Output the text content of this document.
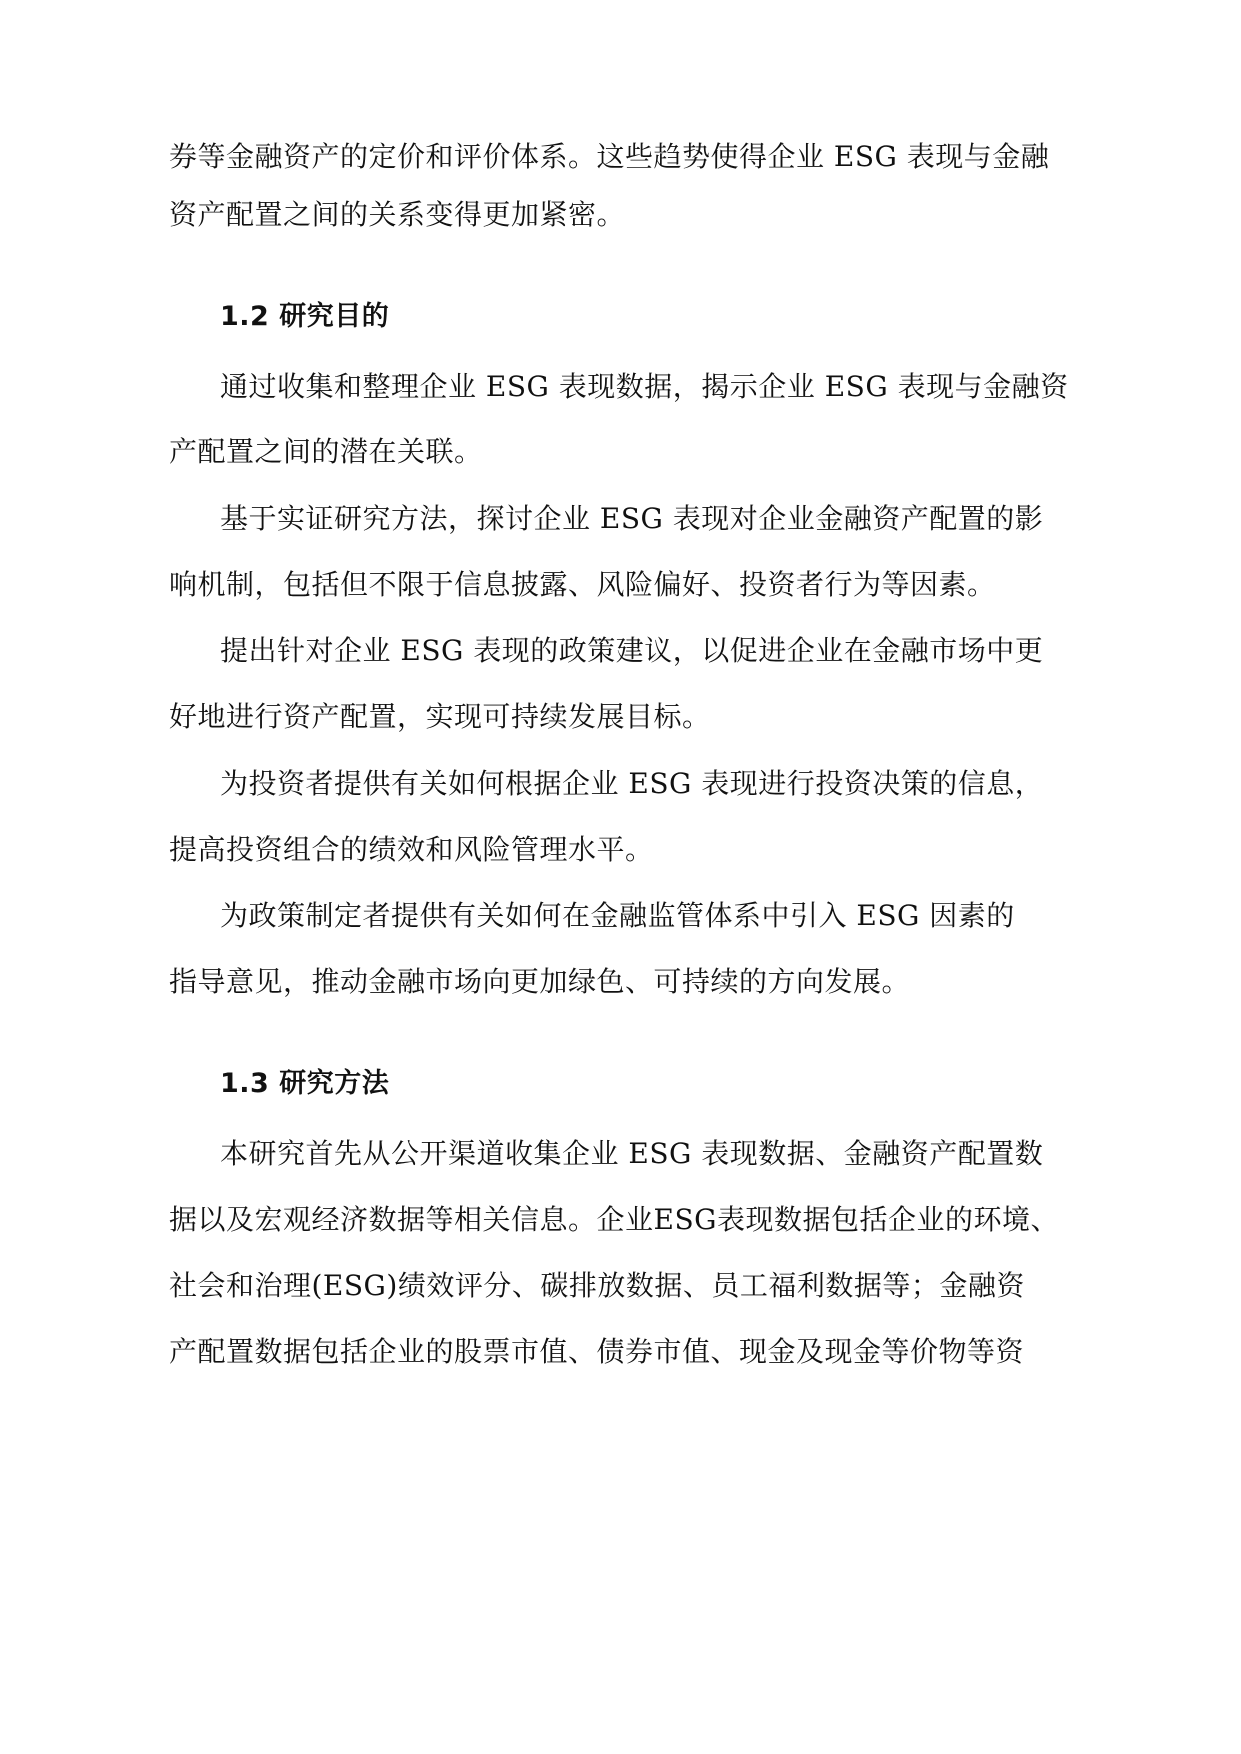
券等金融资产的定价和评价体系。这些趋势使得企业 ESG 表现与金融

资产配置之间的关系变得更加紧密。

1.2 研究目的

通过收集和整理企业 ESG 表现数据，揭示企业 ESG 表现与金融资

产配置之间的潜在关联。

基于实证研究方法，探讨企业 ESG 表现对企业金融资产配置的影

响机制，包括但不限于信息披露、风险偏好、投资者行为等因素。

提出针对企业 ESG 表现的政策建议，以促进企业在金融市场中更

好地进行资产配置，实现可持续发展目标。

为投资者提供有关如何根据企业 ESG 表现进行投资决策的信息，

提高投资组合的绩效和风险管理水平。

为政策制定者提供有关如何在金融监管体系中引入 ESG 因素的

指导意见，推动金融市场向更加绿色、可持续的方向发展。

1.3 研究方法

本研究首先从公开渠道收集企业 ESG 表现数据、金融资产配置数

据以及宏观经济数据等相关信息。企业ESG表现数据包括企业的环境、

社会和治理(ESG)绩效评分、碳排放数据、员工福利数据等；金融资

产配置数据包括企业的股票市值、债券市值、现金及现金等价物等资
